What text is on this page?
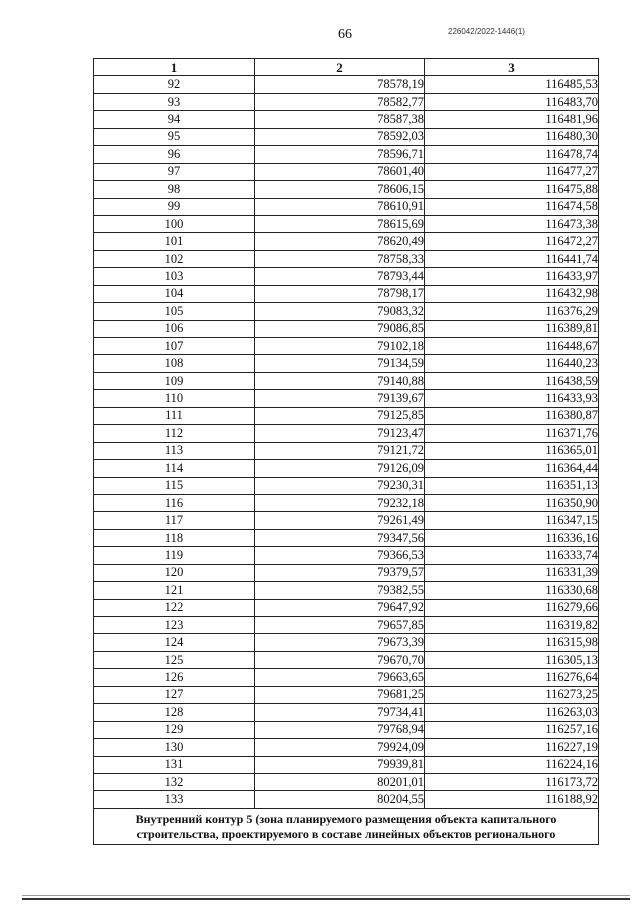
66	226042/2022-1446(1)
1	2	3
92	78578,19	116485,53
93	78582,77	116483,70
94	78587,38	116481,96
95	78592,03	116480,30
96	78596,71	116478,74
97	78601,40	116477,27
98	78606,15	116475,88
99	78610,91	116474,58
100	78615,69	116473,38
101	78620,49	116472,27
102	78758,33	116441,74
103	78793,44	116433,97
104	78798,17	116432,98
105	79083,32	116376,29
106	79086,85	116389,81
107	79102,18	116448,67
108	79134,59	116440,23
109	79140,88	116438,59
110	79139,67	116433,93
111	79125,85	116380,87
112	79123,47	116371,76
113	79121,72	116365,01
114	79126,09	116364,44
115	79230,31	116351,13
116	79232,18	116350,90
117	79261,49	116347,15
118	79347,56	116336,16
119	79366,53	116333,74
120	79379,57	116331,39
121	79382,55	116330,68
122	79647,92	116279,66
123	79657,85	116319,82
124	79673,39	116315,98
125	79670,70	116305,13
126	79663,65	116276,64
127	79681,25	116273,25
128	79734,41	116263,03
129	79768,94	116257,16
130	79924,09	116227,19
131	79939,81	116224,16
132	80201,01	116173,72
133	80204,55	116188,92

Внутренний контур 5 (зона планируемого размещения объекта капитального
строительства, проектируемого в составе линейных объектов регионального		
